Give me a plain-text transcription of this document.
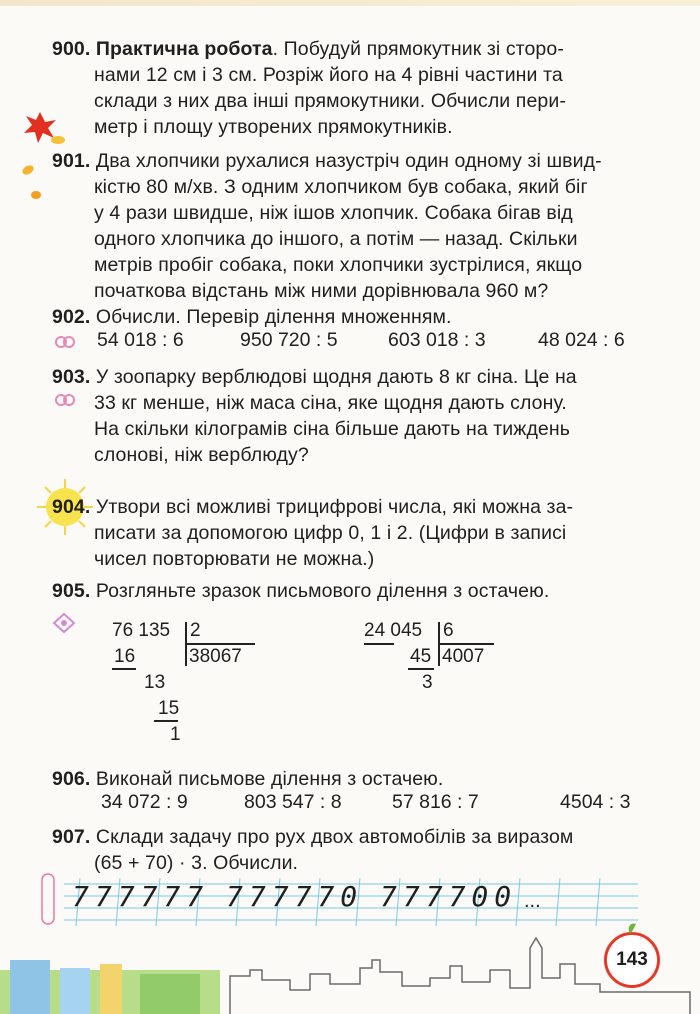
900. Практична робота. Побудуй прямокутник зі сторо-
нами 12 см і 3 см. Розріж його на 4 рівні частини та
склади з них два інші прямокутники. Обчисли пери-
метр і площу утворених прямокутників.
901. Два хлопчики рухалися назустріч один одному зі швид-
кістю 80 м/хв. З одним хлопчиком був собака, який біг
у 4 рази швидше, ніж ішов хлопчик. Собака бігав від
одного хлопчика до іншого, а потім — назад. Скільки
метрів пробіг собака, поки хлопчики зустрілися, якщо
початкова відстань між ними дорівнювала 960 м?
902. Обчисли. Перевір ділення множенням.
54 018 : 6	950 720 : 5	603 018 : 3	48 024 : 6
903. У зоопарку верблюдові щодня дають 8 кг сіна. Це на
33 кг менше, ніж маса сіна, яке щодня дають слону.
На скільки кілограмів сіна більше дають на тиждень
слонові, ніж верблюду?
904. Утвори всі можливі трицифрові числа, які можна за-
писати за допомогою цифр 0, 1 і 2. (Цифри в записі
чисел повторювати не можна.)
905. Розгляньте зразок письмового ділення з остачею.
76 135 2
38067
16
13
15
1
24 045 6
4007
45
3
906. Виконай письмове ділення з остачею.
34 072 : 9	803 547 : 8	57 816 : 7	4504 : 3
907. Склади задачу про рух двох автомобілів за виразом
(65 + 70) · 3. Обчисли.
777777 777770 777700 ...
143
